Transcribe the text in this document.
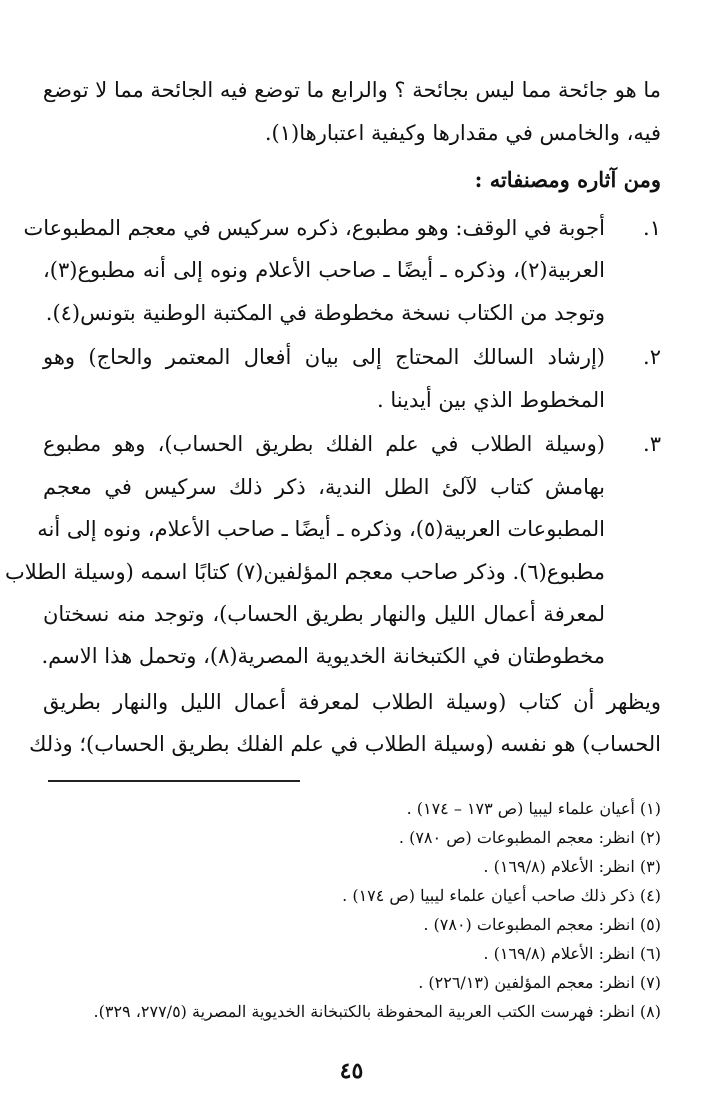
ما هو جائحة مما ليس بجائحة ؟ والرابع ما توضع فيه الجائحة مما لا توضع
فيه، والخامس في مقدارها وكيفية اعتبارها(١).
ومن آثاره ومصنفاته :
١.
أجوبة في الوقف: وهو مطبوع، ذكره سركيس في معجم المطبوعات
العربية(٢)، وذكره ـ أيضًا ـ صاحب الأعلام ونوه إلى أنه مطبوع(٣)،
وتوجد من الكتاب نسخة مخطوطة في المكتبة الوطنية بتونس(٤).
٢.
(إرشاد السالك المحتاج إلى بيان أفعال المعتمر والحاج) وهو
المخطوط الذي بين أيدينا .
٣.
(وسيلة الطلاب في علم الفلك بطريق الحساب)، وهو مطبوع
بهامش كتاب لآلئ الطل الندية، ذكر ذلك سركيس في معجم
المطبوعات العربية(٥)، وذكره ـ أيضًا ـ صاحب الأعلام، ونوه إلى أنه
مطبوع(٦). وذكر صاحب معجم المؤلفين(٧) كتابًا اسمه (وسيلة الطلاب
لمعرفة أعمال الليل والنهار بطريق الحساب)، وتوجد منه نسختان
مخطوطتان في الكتبخانة الخديوية المصرية(٨)، وتحمل هذا الاسم.
ويظهر أن كتاب (وسيلة الطلاب لمعرفة أعمال الليل والنهار بطريق
الحساب) هو نفسه (وسيلة الطلاب في علم الفلك بطريق الحساب)؛ وذلك
(١) أعيان علماء ليبيا (ص ١٧٣ – ١٧٤) .
(٢) انظر: معجم المطبوعات (ص ٧٨٠) .
(٣) انظر: الأعلام (١٦٩/٨) .
(٤) ذكر ذلك صاحب أعيان علماء ليبيا (ص ١٧٤) .
(٥) انظر: معجم المطبوعات (٧٨٠) .
(٦) انظر: الأعلام (١٦٩/٨) .
(٧) انظر: معجم المؤلفين (٢٢٦/١٣) .
(٨) انظر: فهرست الكتب العربية المحفوظة بالكتبخانة الخديوية المصرية (٢٧٧/٥، ٣٢٩).
٤٥
